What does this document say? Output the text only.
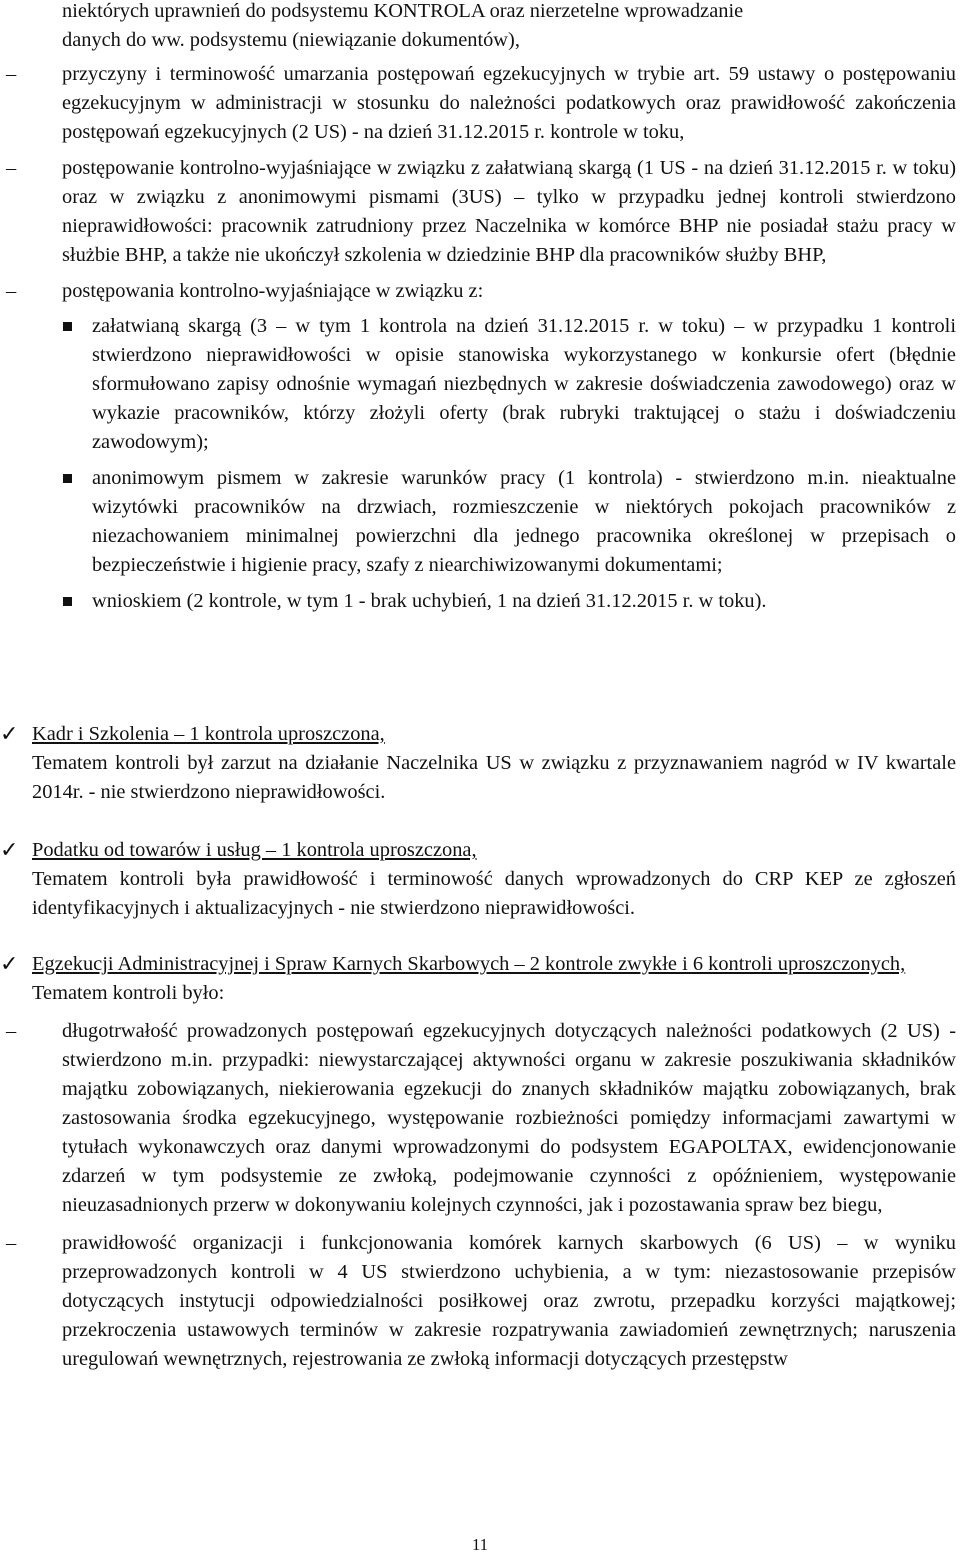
niektórych uprawnień do podsystemu KONTROLA oraz nierzetelne wprowadzanie

danych do ww. podsystemu (niewiązanie dokumentów),

–	przyczyny i terminowość umarzania postępowań egzekucyjnych w trybie art. 59 ustawy o postępowaniu egzekucyjnym w administracji w stosunku do należności podatkowych oraz prawidłowość zakończenia postępowań egzekucyjnych (2 US) - na dzień 31.12.2015 r. kontrole w toku,

–	postępowanie kontrolno-wyjaśniające w związku z załatwianą skargą (1 US - na dzień 31.12.2015 r. w toku) oraz w związku z anonimowymi pismami (3US) – tylko w przypadku jednej kontroli stwierdzono nieprawidłowości: pracownik zatrudniony przez Naczelnika w komórce BHP nie posiadał stażu pracy w służbie BHP, a także nie ukończył szkolenia w dziedzinie BHP dla pracowników służby BHP,

–	postępowania kontrolno-wyjaśniające w związku z:

załatwianą skargą (3 – w tym 1 kontrola na dzień 31.12.2015 r. w toku) – w przypadku 1 kontroli stwierdzono nieprawidłowości w opisie stanowiska wykorzystanego w konkursie ofert (błędnie sformułowano zapisy odnośnie wymagań niezbędnych w zakresie doświadczenia zawodowego) oraz w wykazie pracowników, którzy złożyli oferty (brak rubryki traktującej o stażu i doświadczeniu zawodowym);

anonimowym pismem w zakresie warunków pracy (1 kontrola) - stwierdzono m.in. nieaktualne wizytówki pracowników na drzwiach, rozmieszczenie w niektórych pokojach pracowników z niezachowaniem minimalnej powierzchni dla jednego pracownika określonej w przepisach o bezpieczeństwie i higienie pracy, szafy z niearchiwizowanymi dokumentami;

wnioskiem (2 kontrole, w tym 1 - brak uchybień, 1 na dzień 31.12.2015 r. w toku).

✓ Kadr i Szkolenia – 1 kontrola uproszczona,

Tematem kontroli był zarzut na działanie Naczelnika US w związku z przyznawaniem nagród w IV kwartale 2014r. - nie stwierdzono nieprawidłowości.

✓ Podatku od towarów i usług – 1 kontrola uproszczona,

Tematem kontroli była prawidłowość i terminowość danych wprowadzonych do CRP KEP ze zgłoszeń identyfikacyjnych i aktualizacyjnych - nie stwierdzono nieprawidłowości.

✓ Egzekucji Administracyjnej i Spraw Karnych Skarbowych – 2 kontrole zwykłe i 6 kontroli uproszczonych,

Tematem kontroli było:

–	długotrwałość prowadzonych postępowań egzekucyjnych dotyczących należności podatkowych (2 US) - stwierdzono m.in. przypadki: niewystarczającej aktywności organu w zakresie poszukiwania składników majątku zobowiązanych, niekierowania egzekucji do znanych składników majątku zobowiązanych, brak zastosowania środka egzekucyjnego, występowanie rozbieżności pomiędzy informacjami zawartymi w tytułach wykonawczych oraz danymi wprowadzonymi do podsystem EGAPOLTAX, ewidencjonowanie zdarzeń w tym podsystemie ze zwłoką, podejmowanie czynności z opóźnieniem, występowanie nieuzasadnionych przerw w dokonywaniu kolejnych czynności, jak i pozostawania spraw bez biegu,

–	prawidłowość organizacji i funkcjonowania komórek karnych skarbowych (6 US) – w wyniku przeprowadzonych kontroli w 4 US stwierdzono uchybienia, a w tym: niezastosowanie przepisów dotyczących instytucji odpowiedzialności posiłkowej oraz zwrotu, przepadku korzyści majątkowej; przekroczenia ustawowych terminów w zakresie rozpatrywania zawiadomień zewnętrznych; naruszenia uregulowań wewnętrznych, rejestrowania ze zwłoką informacji dotyczących przestępstw

11
